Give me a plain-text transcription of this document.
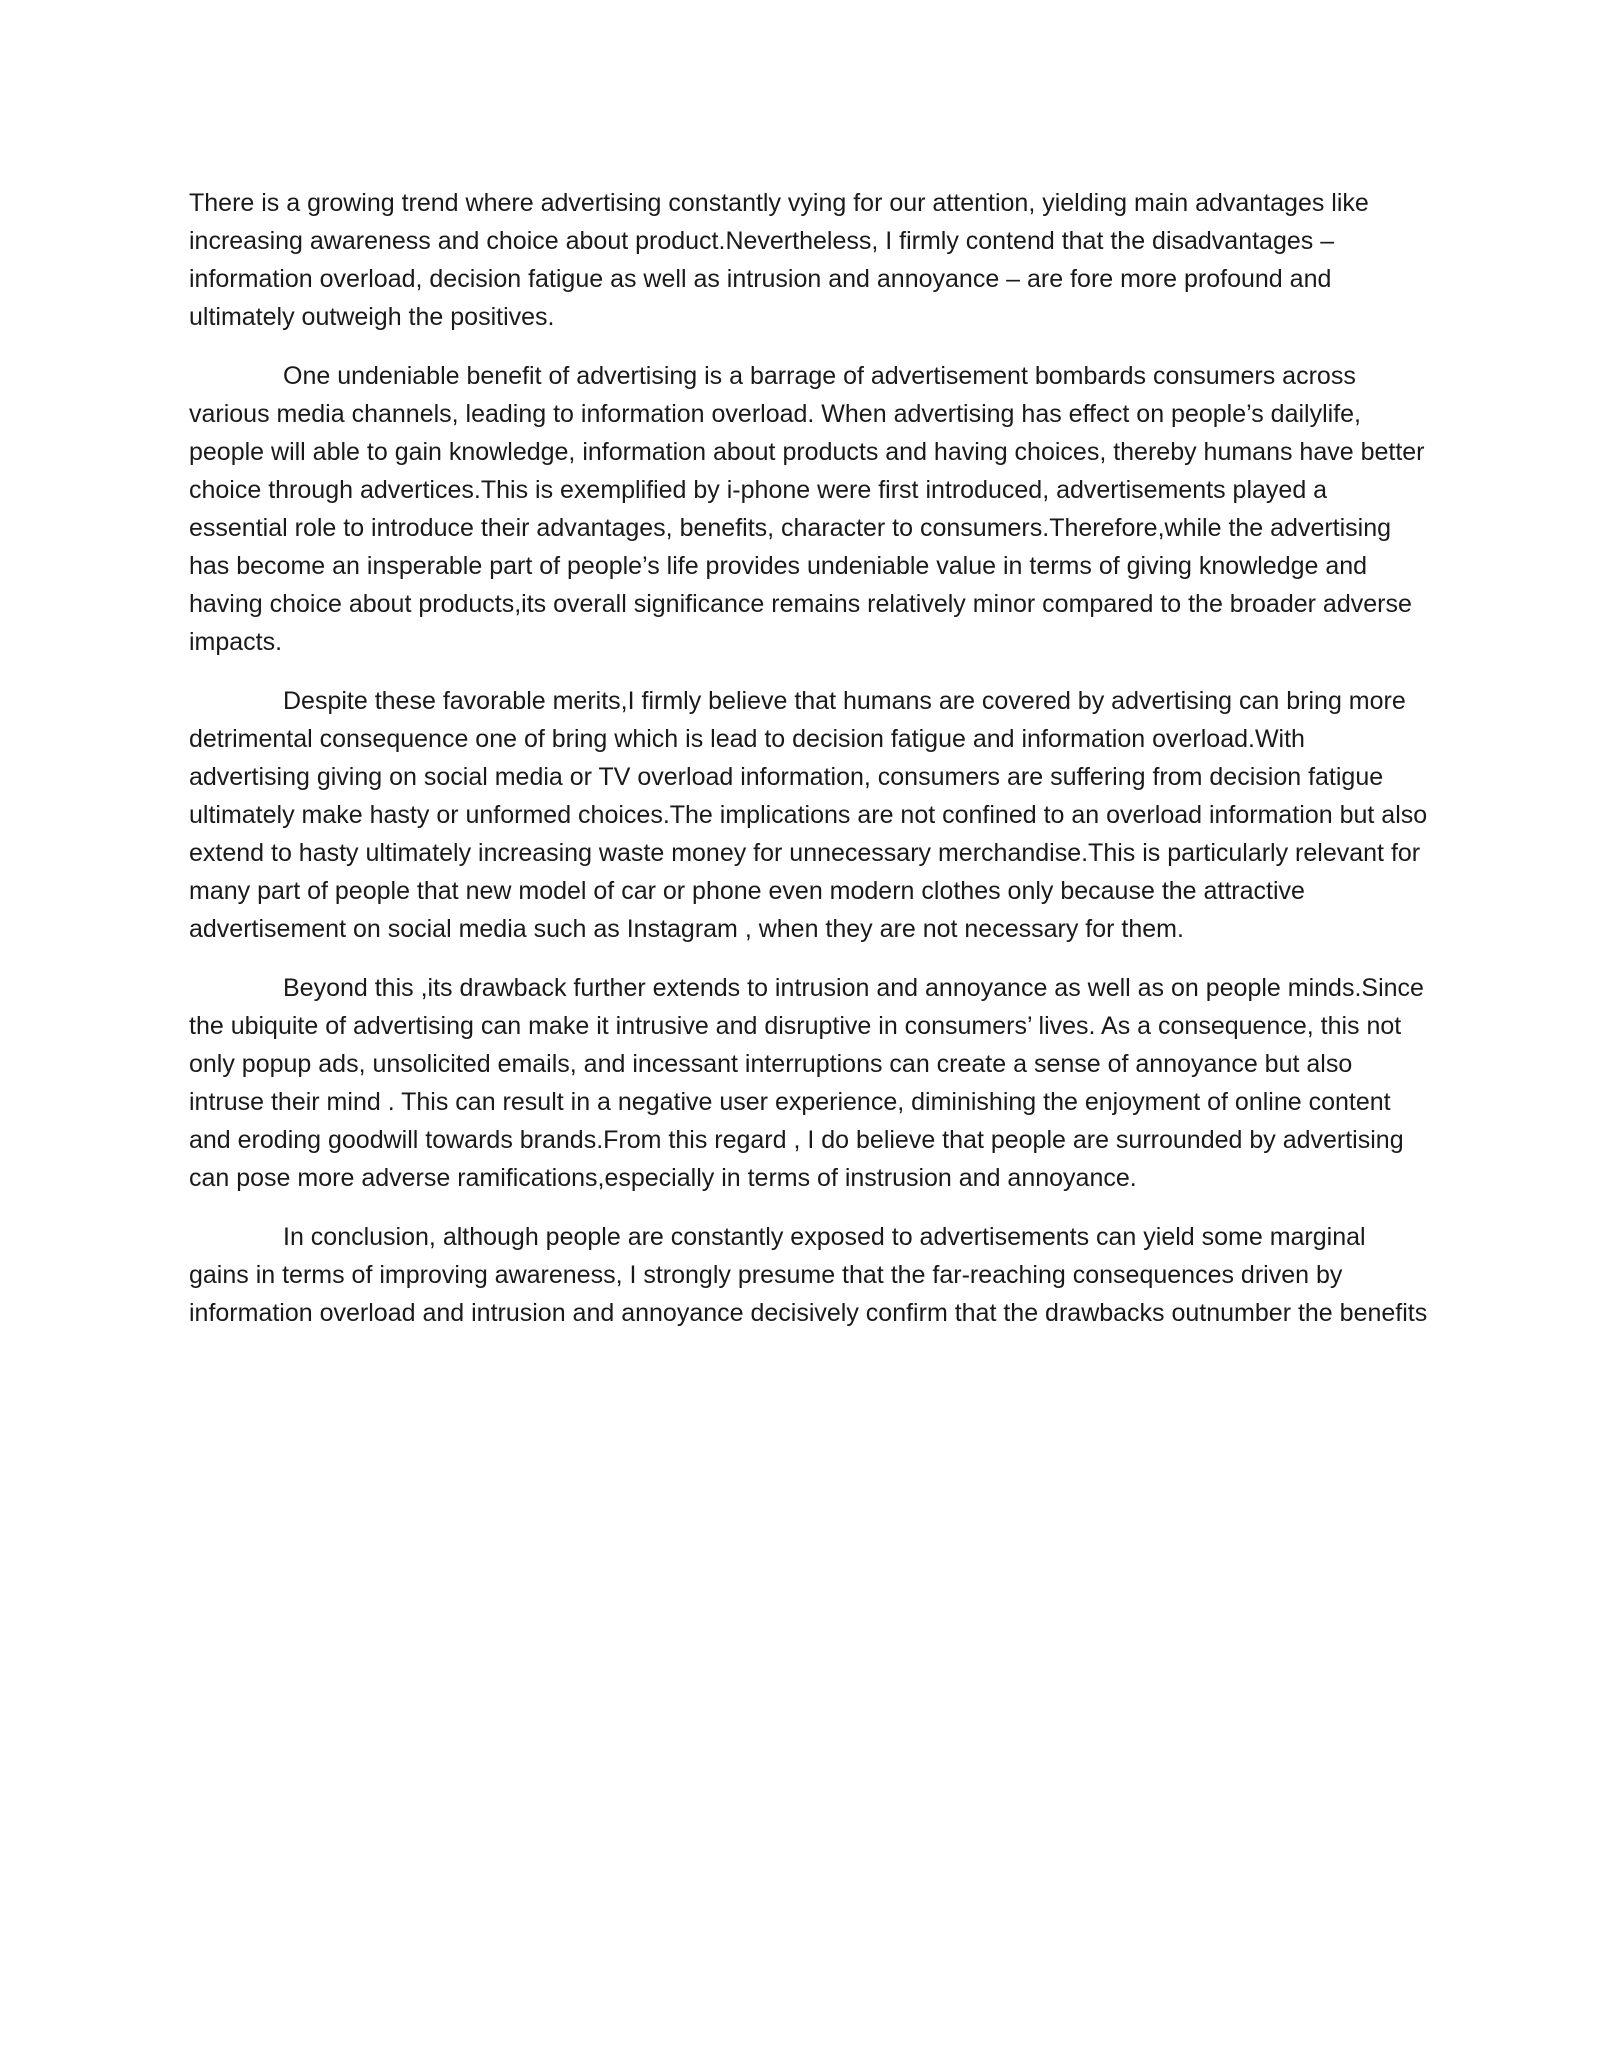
There is a growing trend where advertising constantly vying for our attention, yielding main advantages like increasing awareness and choice about product.Nevertheless, I firmly contend that the disadvantages – information overload, decision fatigue as well as intrusion and annoyance – are fore more profound and ultimately outweigh the positives.

One undeniable benefit of advertising is a barrage of advertisement bombards consumers across various media channels, leading to information overload. When advertising has effect on people’s dailylife, people will able to gain knowledge, information about products and having choices, thereby humans have better choice through advertices.This is exemplified by i-phone were first introduced, advertisements played a essential role to introduce their advantages, benefits, character to consumers.Therefore,while the advertising has become an insperable part of people’s life provides undeniable value in terms of giving knowledge and having choice about products,its overall significance remains relatively minor compared to the broader adverse impacts.

Despite these favorable merits,I firmly believe that humans are covered by advertising can bring more detrimental consequence one of bring which is lead to decision fatigue and information overload.With advertising giving on social media or TV overload information, consumers are suffering from decision fatigue ultimately make hasty or unformed choices.The implications are not confined to an overload information but also extend to hasty ultimately increasing waste money for unnecessary merchandise.This is particularly relevant for many part of people that new model of car or phone even modern clothes only because the attractive advertisement on social media such as Instagram , when they are not necessary for them.

Beyond this ,its drawback further extends to intrusion and annoyance as well as on people minds.Since the ubiquite of advertising can make it intrusive and disruptive in consumers’ lives. As a consequence, this not only popup ads, unsolicited emails, and incessant interruptions can create a sense of annoyance but also intruse their mind . This can result in a negative user experience, diminishing the enjoyment of online content and eroding goodwill towards brands.From this regard , I do believe that people are surrounded by advertising can pose more adverse ramifications,especially in terms of instrusion and annoyance.

In conclusion, although people are constantly exposed to advertisements can yield some marginal gains in terms of improving awareness, I strongly presume that the far-reaching consequences driven by information overload and intrusion and annoyance decisively confirm that the drawbacks outnumber the benefits
